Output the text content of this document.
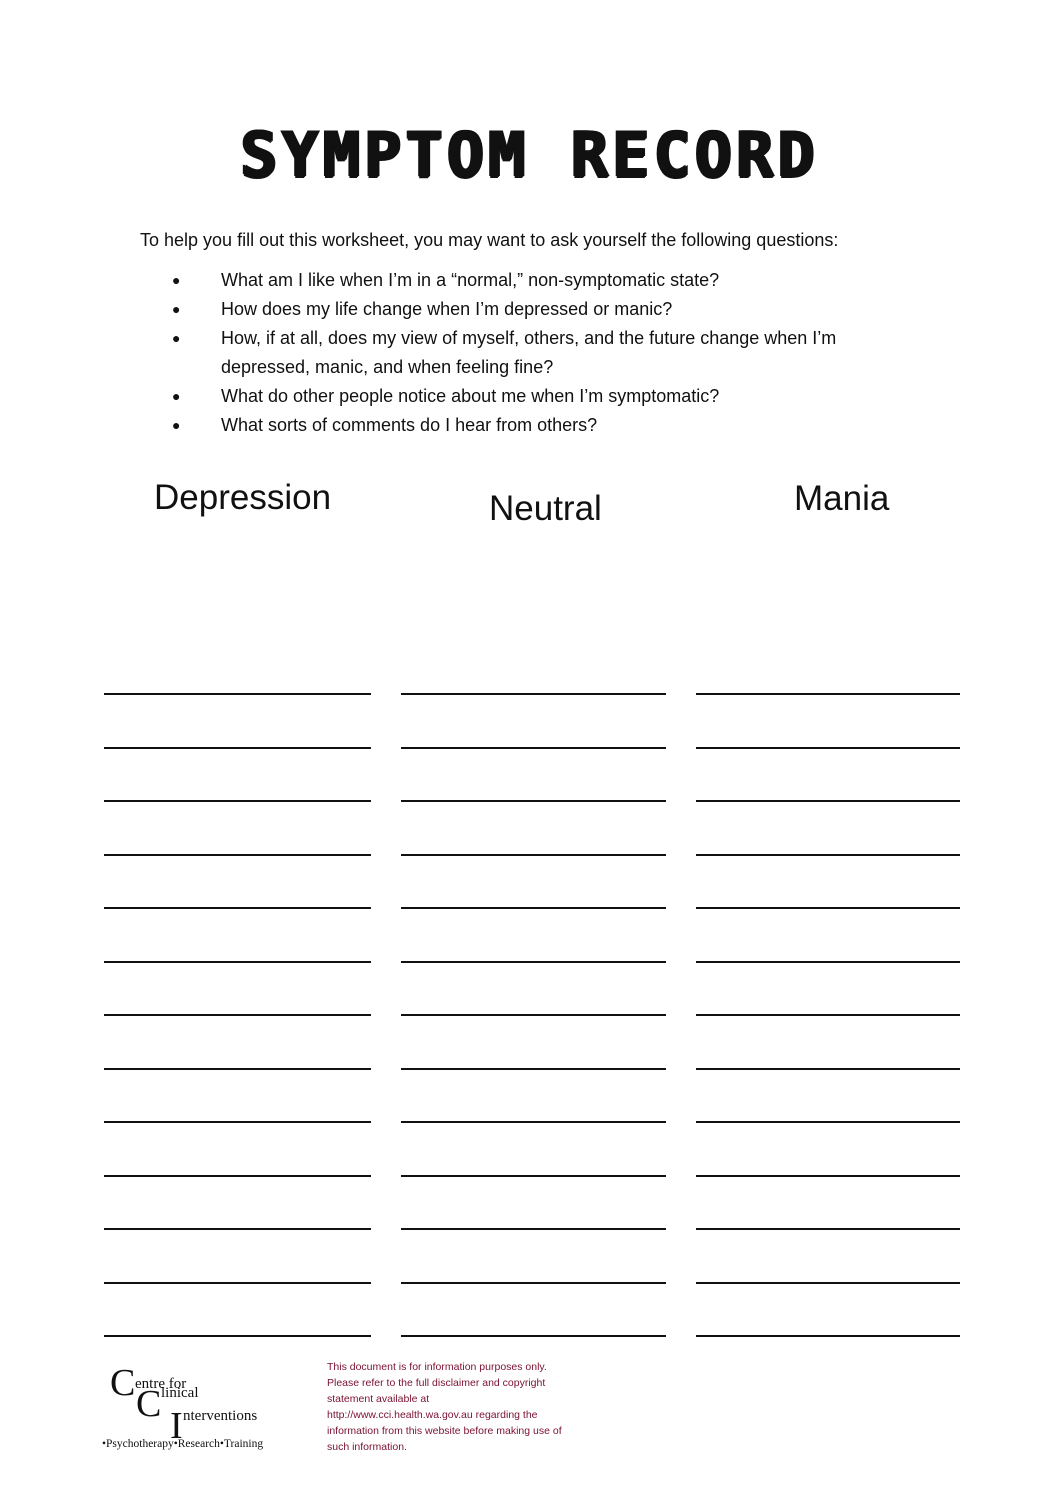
SYMPTOM RECORD
To help you fill out this worksheet, you may want to ask yourself the following questions:
● What am I like when I’m in a “normal,” non-symptomatic state?
● How does my life change when I’m depressed or manic?
● How, if at all, does my view of myself, others, and the future change when I’m depressed, manic, and when feeling fine?
● What do other people notice about me when I’m symptomatic?
● What sorts of comments do I hear from others?
Depression	Neutral	Mania
C entre for
C linical
I nterventions
•Psychotherapy•Research•Training
This document is for information purposes only. Please refer to the full disclaimer and copyright statement available at http://www.cci.health.wa.gov.au regarding the information from this website before making use of such information.
